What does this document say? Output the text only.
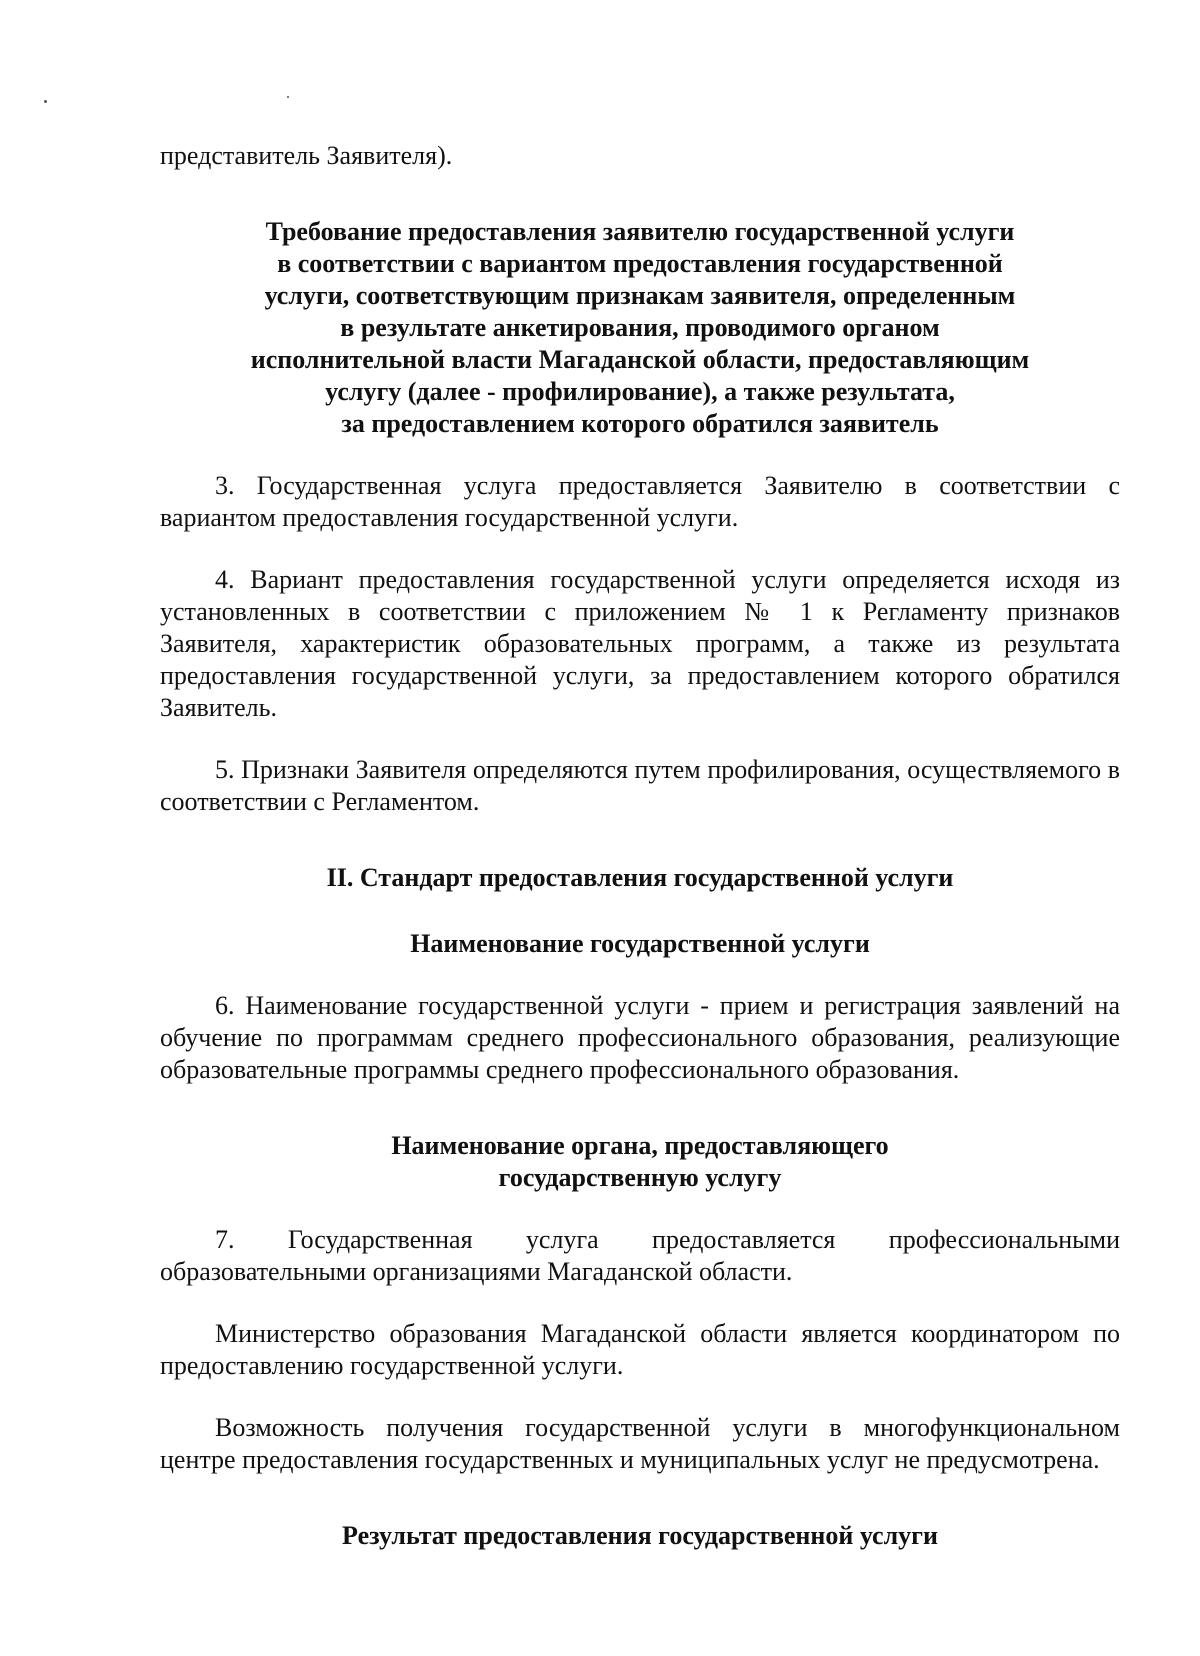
представитель Заявителя).

Требование предоставления заявителю государственной услуги
в соответствии с вариантом предоставления государственной
услуги, соответствующим признакам заявителя, определенным
в результате анкетирования, проводимого органом
исполнительной власти Магаданской области, предоставляющим
услугу (далее - профилирование), а также результата,
за предоставлением которого обратился заявитель

3. Государственная услуга предоставляется Заявителю в соответствии с вариантом предоставления государственной услуги.

4. Вариант предоставления государственной услуги определяется исходя из установленных в соответствии с приложением № 1 к Регламенту признаков Заявителя, характеристик образовательных программ, а также из результата предоставления государственной услуги, за предоставлением которого обратился Заявитель.

5. Признаки Заявителя определяются путем профилирования, осуществляемого в соответствии с Регламентом.

II. Стандарт предоставления государственной услуги
Наименование государственной услуги

6. Наименование государственной услуги - прием и регистрация заявлений на обучение по программам среднего профессионального образования, реализующие образовательные программы среднего профессионального образования.

Наименование органа, предоставляющего
государственную услугу

7. Государственная услуга предоставляется профессиональными образовательными организациями Магаданской области.

Министерство образования Магаданской области является координатором по предоставлению государственной услуги.

Возможность получения государственной услуги в многофункциональном центре предоставления государственных и муниципальных услуг не предусмотрена.

Результат предоставления государственной услуги
